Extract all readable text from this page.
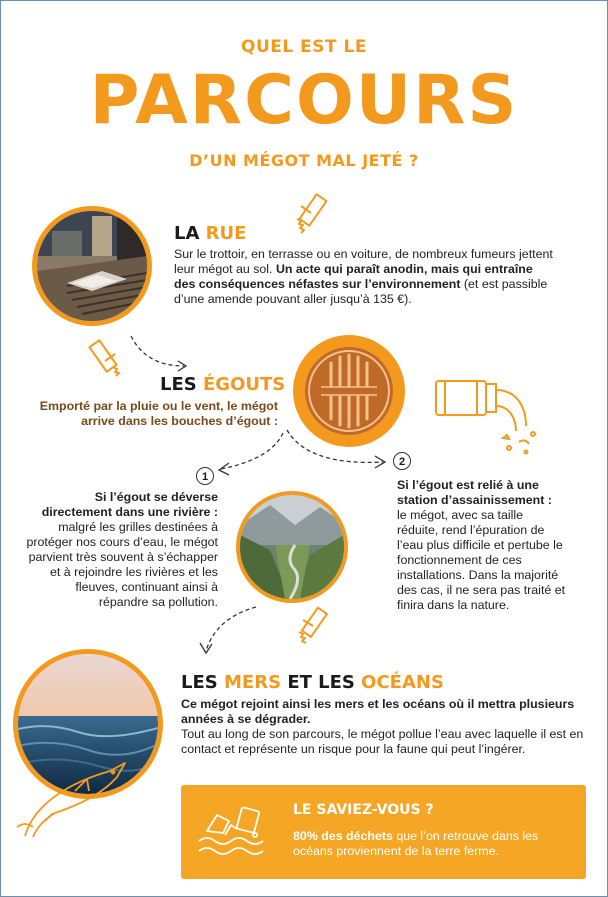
QUEL EST LE
PARCOURS
D’UN MÉGOT MAL JETÉ ?
LA RUE
Sur le trottoir, en terrasse ou en voiture, de nombreux fumeurs jettent leur mégot au sol. Un acte qui paraît anodin, mais qui entraîne des conséquences néfastes sur l’environnement (et est passible d’une amende pouvant aller jusqu’à 135 €).
LES ÉGOUTS
Emporté par la pluie ou le vent, le mégot arrive dans les bouches d’égout :
1
Si l’égout se déverse directement dans une rivière :
malgré les grilles destinées à protéger nos cours d’eau, le mégot parvient très souvent à s’échapper et à rejoindre les rivières et les fleuves, continuant ainsi à répandre sa pollution.
2
Si l’égout est relié à une station d’assainissement :
le mégot, avec sa taille réduite, rend l’épuration de l’eau plus difficile et pertube le fonctionnement de ces installations. Dans la majorité des cas, il ne sera pas traité et finira dans la nature.
LES MERS ET LES OCÉANS
Ce mégot rejoint ainsi les mers et les océans où il mettra plusieurs années à se dégrader.
Tout au long de son parcours, le mégot pollue l’eau avec laquelle il est en contact et représente un risque pour la faune qui peut l’ingérer.
LE SAVIEZ-VOUS ?
80% des déchets que l’on retrouve dans les océans proviennent de la terre ferme.
